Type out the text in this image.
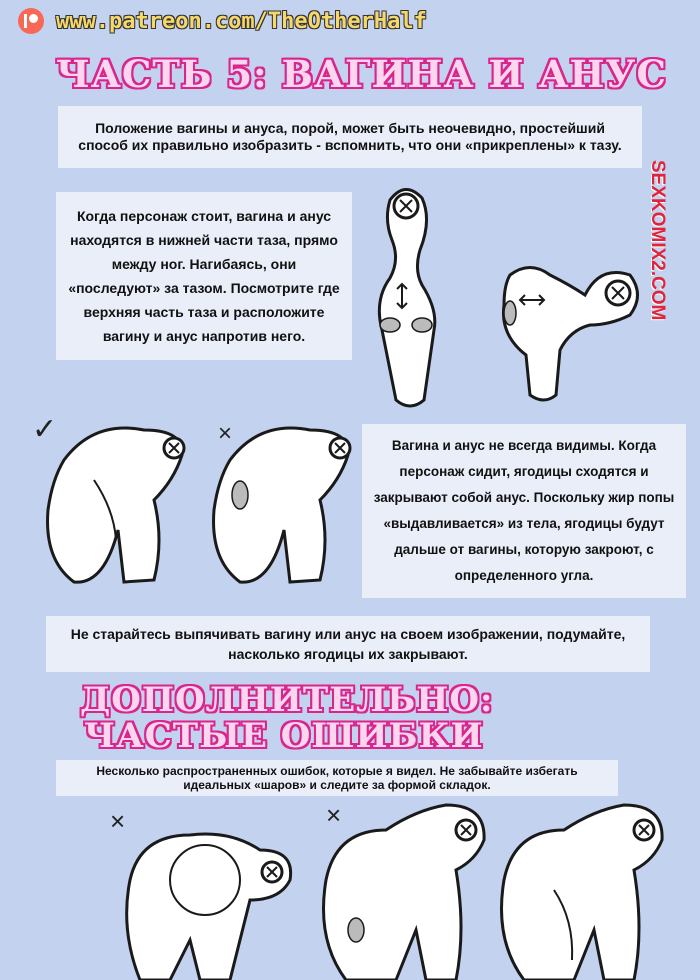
www.patreon.com/TheOtherHalf
ЧАСТЬ 5: ВАГИНА И АНУС
Положение вагины и ануса, порой, может быть неочевидно, простейший способ их правильно изобразить - вспомнить, что они «прикреплены» к тазу.
Когда персонаж стоит, вагина и анус находятся в нижней части таза, прямо между ног. Нагибаясь, они «последуют» за тазом. Посмотрите где верхняя часть таза и расположите вагину и анус напротив него.
SEXKOMIX2.COM
✓	×	Вагина и анус не всегда видимы. Когда персонаж сидит, ягодицы сходятся и закрывают собой анус. Поскольку жир попы «выдавливается» из тела, ягодицы будут дальше от вагины, которую закроют, с определенного угла.
Не старайтесь выпячивать вагину или анус на своем изображении, подумайте, насколько ягодицы их закрывают.
ДОПОЛНИТЕЛЬНО:
ЧАСТЫЕ ОШИБКИ
Несколько распространенных ошибок, которые я видел. Не забывайте избегать идеальных «шаров» и следите за формой складок.
×	×
